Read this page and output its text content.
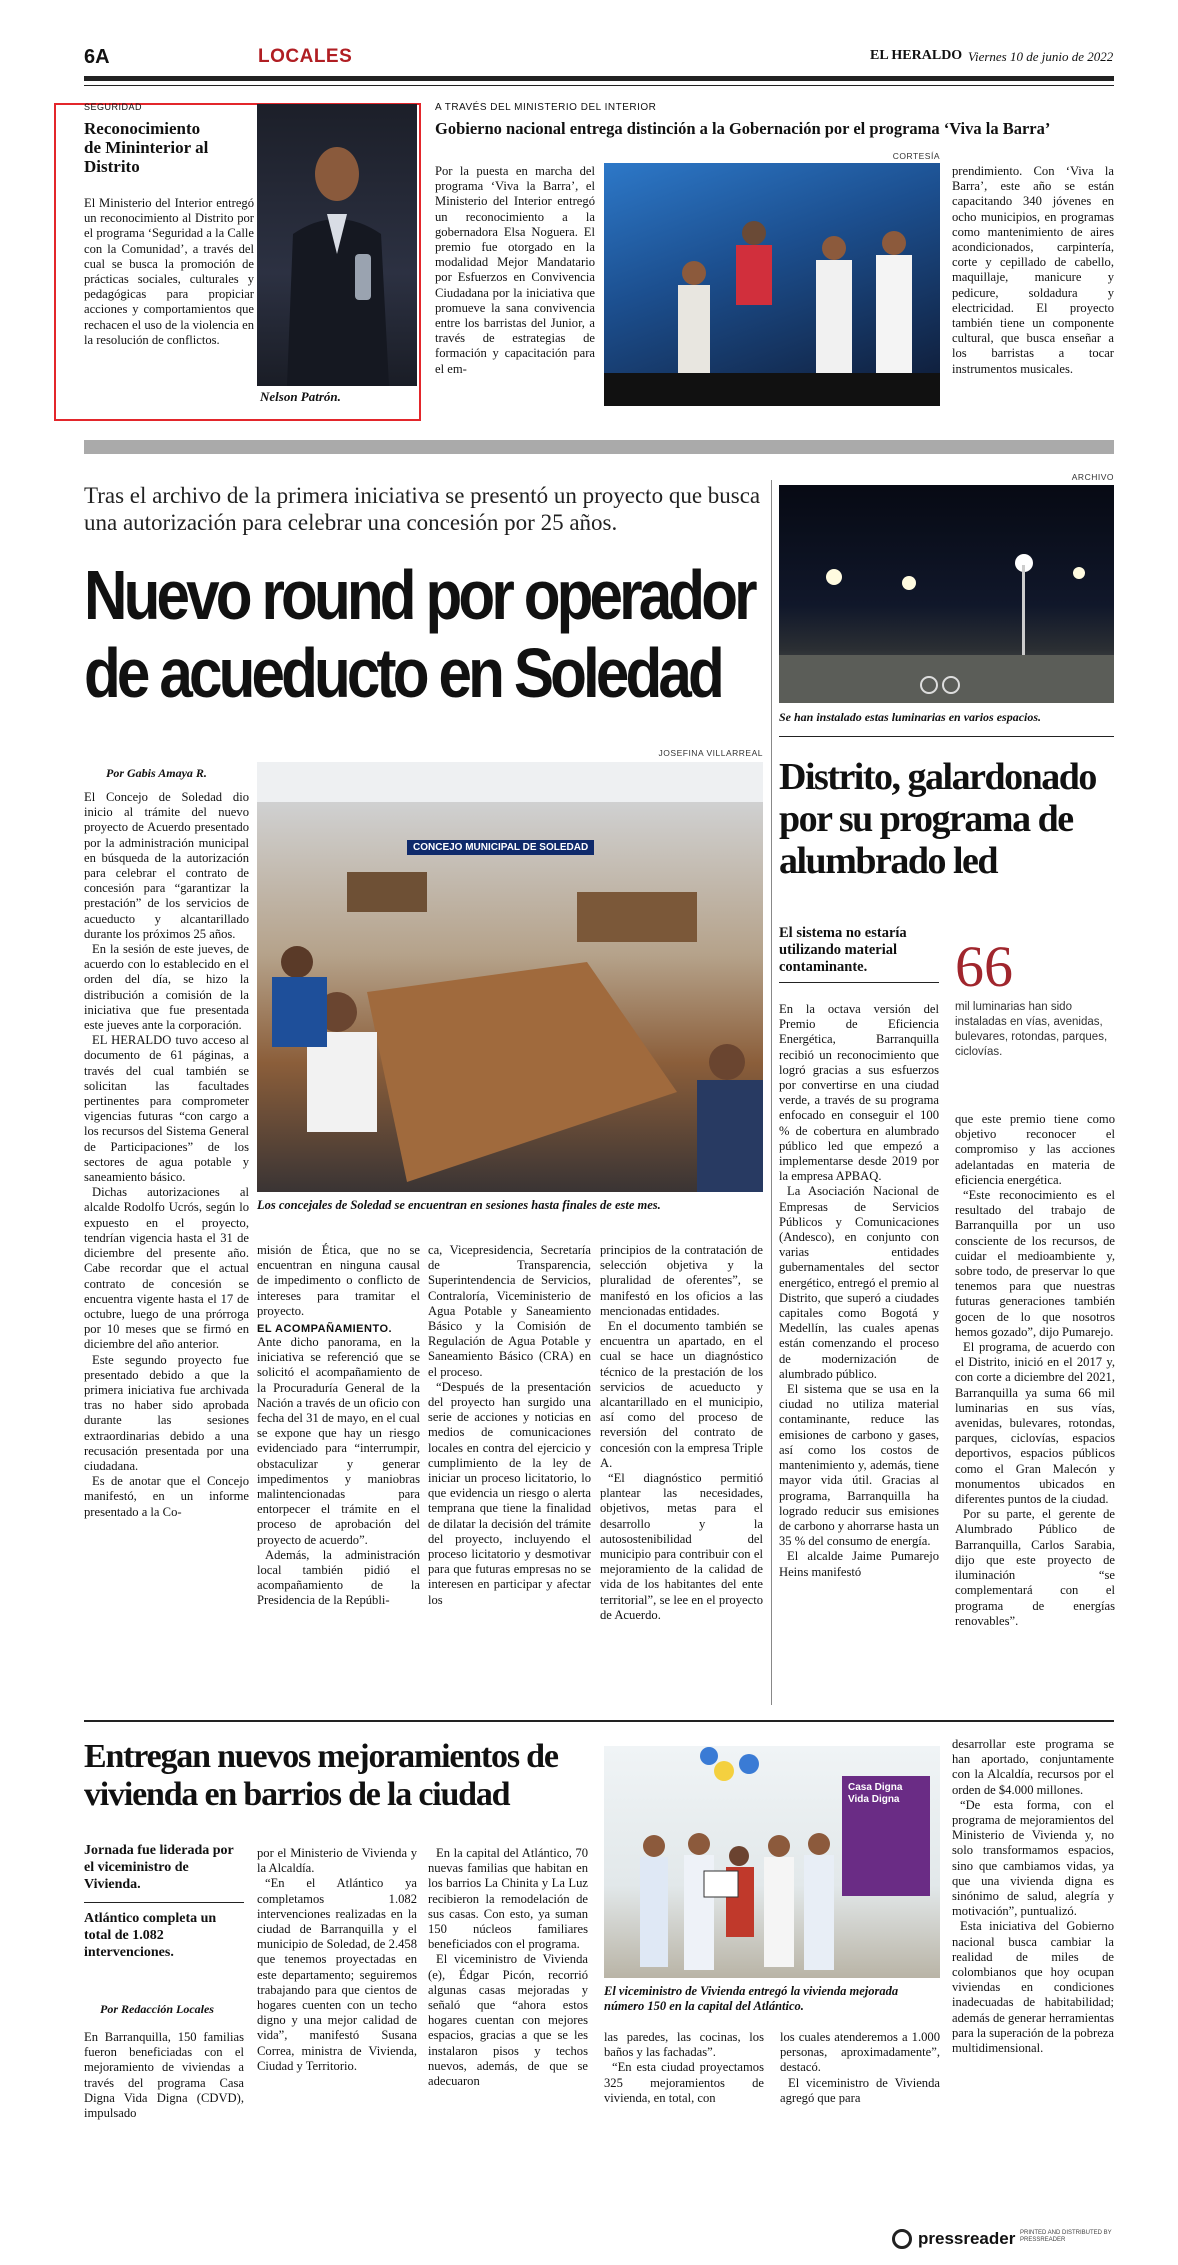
6A	LOCALES	EL HERALDO Viernes 10 de junio de 2022
SEGURIDAD
Reconocimiento de Mininterior al Distrito

El Ministerio del Interior entregó un reconocimiento al Distrito por el programa ‘Seguridad a la Calle con la Comunidad’, a través del cual se busca la promoción de prácticas sociales, culturales y pedagógicas para propiciar acciones y comportamientos que rechacen el uso de la violencia en la resolución de conflictos.

Nelson Patrón.
A TRAVÉS DEL MINISTERIO DEL INTERIOR
Gobierno nacional entrega distinción a la Gobernación por el programa ‘Viva la Barra’

Por la puesta en marcha del programa ‘Viva la Barra’, el Ministerio del Interior entregó un reconocimiento a la gobernadora Elsa Noguera. El premio fue otorgado en la modalidad Mejor Mandatario por Esfuerzos en Convivencia Ciudadana por la iniciativa que promueve la sana convivencia entre los barristas del Junior, a través de estrategias de formación y capacitación para el em-

CORTESÍA

prendimiento. Con ‘Viva la Barra’, este año se están capacitando 340 jóvenes en ocho municipios, en programas como mantenimiento de aires acondicionados, carpintería, corte y cepillado de cabello, maquillaje, manicure y pedicure, soldadura y electricidad. El proyecto también tiene un componente cultural, que busca enseñar a los barristas a tocar instrumentos musicales.

Tras el archivo de la primera iniciativa se presentó un proyecto que busca una autorización para celebrar una concesión por 25 años.
Nuevo round por operador
de acueducto en Soledad
Por Gabis Amaya R.
JOSEFINA VILLARREAL
CONCEJO MUNICIPAL DE SOLEDAD
Los concejales de Soledad se encuentran en sesiones hasta finales de este mes.

El Concejo de Soledad dio inicio al trámite del nuevo proyecto de Acuerdo presentado por la administración municipal en búsqueda de la autorización para celebrar el contrato de concesión para “garantizar la prestación” de los servicios de acueducto y alcantarillado durante los próximos 25 años.

En la sesión de este jueves, de acuerdo con lo establecido en el orden del día, se hizo la distribución a comisión de la iniciativa que fue presentada este jueves ante la corporación.

EL HERALDO tuvo acceso al documento de 61 páginas, a través del cual también se solicitan las facultades pertinentes para comprometer vigencias futuras “con cargo a los recursos del Sistema General de Participaciones” de los sectores de agua potable y saneamiento básico.

Dichas autorizaciones al alcalde Rodolfo Ucrós, según lo expuesto en el proyecto, tendrían vigencia hasta el 31 de diciembre del presente año. Cabe recordar que el actual contrato de concesión se encuentra vigente hasta el 17 de octubre, luego de una prórroga por 10 meses que se firmó en diciembre del año anterior.

Este segundo proyecto fue presentado debido a que la primera iniciativa fue archivada tras no haber sido aprobada durante las sesiones extraordinarias debido a una recusación presentada por una ciudadana.

Es de anotar que el Concejo manifestó, en un informe presentado a la Co-

misión de Ética, que no se encuentran en ninguna causal de impedimento o conflicto de intereses para tramitar el proyecto.

EL ACOMPAÑAMIENTO.

Ante dicho panorama, en la iniciativa se referenció que se solicitó el acompañamiento de la Procuraduría General de la Nación a través de un oficio con fecha del 31 de mayo, en el cual se expone que hay un riesgo evidenciado para “interrumpir, obstaculizar y generar impedimentos y maniobras malintencionadas para entorpecer el trámite en el proceso de aprobación del proyecto de acuerdo”.

Además, la administración local también pidió el acompañamiento de la Presidencia de la Repúbli-

ca, Vicepresidencia, Secretaría de Transparencia, Superintendencia de Servicios, Contraloría, Viceministerio de Agua Potable y Saneamiento Básico y la Comisión de Regulación de Agua Potable y Saneamiento Básico (CRA) en el proceso.

“Después de la presentación del proyecto han surgido una serie de acciones y noticias en medios de comunicaciones locales en contra del ejercicio y cumplimiento de la ley de iniciar un proceso licitatorio, lo que evidencia un riesgo o alerta temprana que tiene la finalidad de dilatar la decisión del trámite del proyecto, incluyendo el proceso licitatorio y desmotivar para que futuras empresas no se interesen en participar y afectar los

principios de la contratación de selección objetiva y la pluralidad de oferentes”, se manifestó en los oficios a las mencionadas entidades.

En el documento también se encuentra un apartado, en el cual se hace un diagnóstico técnico de la prestación de los servicios de acueducto y alcantarillado en el municipio, así como del proceso de reversión del contrato de concesión con la empresa Triple A.

“El diagnóstico permitió plantear las necesidades, objetivos, metas para el desarrollo y la autosostenibilidad del municipio para contribuir con el mejoramiento de la calidad de vida de los habitantes del ente territorial”, se lee en el proyecto de Acuerdo.

ARCHIVO
Se han instalado estas luminarias en varios espacios.
Distrito, galardonado por su programa de alumbrado led
El sistema no estaría utilizando material contaminante.	66
mil luminarias han sido instaladas en vías, avenidas, bulevares, rotondas, parques, ciclovías.

En la octava versión del Premio de Eficiencia Energética, Barranquilla recibió un reconocimiento que logró gracias a sus esfuerzos por convertirse en una ciudad verde, a través de su programa enfocado en conseguir el 100 % de cobertura en alumbrado público led que empezó a implementarse desde 2019 por la empresa APBAQ.

La Asociación Nacional de Empresas de Servicios Públicos y Comunicaciones (Andesco), en conjunto con varias entidades gubernamentales del sector energético, entregó el premio al Distrito, que superó a ciudades capitales como Bogotá y Medellín, las cuales apenas están comenzando el proceso de modernización de alumbrado público.

El sistema que se usa en la ciudad no utiliza material contaminante, reduce las emisiones de carbono y gases, así como los costos de mantenimiento y, además, tiene mayor vida útil. Gracias al programa, Barranquilla ha logrado reducir sus emisiones de carbono y ahorrarse hasta un 35 % del consumo de energía.

El alcalde Jaime Pumarejo Heins manifestó

que este premio tiene como objetivo reconocer el compromiso y las acciones adelantadas en materia de eficiencia energética.

“Este reconocimiento es el resultado del trabajo de Barranquilla por un uso consciente de los recursos, de cuidar el medioambiente y, sobre todo, de preservar lo que tenemos para que nuestras futuras generaciones también gocen de lo que nosotros hemos gozado”, dijo Pumarejo.

El programa, de acuerdo con el Distrito, inició en el 2017 y, con corte a diciembre del 2021, Barranquilla ya suma 66 mil luminarias en sus vías, avenidas, bulevares, rotondas, parques, ciclovías, espacios deportivos, espacios públicos como el Gran Malecón y monumentos ubicados en diferentes puntos de la ciudad.

Por su parte, el gerente de Alumbrado Público de Barranquilla, Carlos Sarabia, dijo que este proyecto de iluminación “se complementará con el programa de energías renovables”.

Entregan nuevos mejoramientos de vivienda en barrios de la ciudad
Jornada fue liderada por el viceministro de Vivienda.
Atlántico completa un total de 1.082 intervenciones.
Por Redacción Locales

En Barranquilla, 150 familias fueron beneficiadas con el mejoramiento de viviendas a través del programa Casa Digna Vida Digna (CDVD), impulsado

por el Ministerio de Vivienda y la Alcaldía.

“En el Atlántico ya completamos 1.082 intervenciones realizadas en la ciudad de Barranquilla y el municipio de Soledad, de 2.458 que tenemos proyectadas en este departamento; seguiremos trabajando para que cientos de hogares cuenten con un techo digno y una mejor calidad de vida”, manifestó Susana Correa, ministra de Vivienda, Ciudad y Territorio.

En la capital del Atlántico, 70 nuevas familias que habitan en los barrios La Chinita y La Luz recibieron la remodelación de sus casas. Con esto, ya suman 150 núcleos familiares beneficiados con el programa.

El viceministro de Vivienda (e), Édgar Picón, recorrió algunas casas mejoradas y señaló que “ahora estos hogares cuentan con mejores espacios, gracias a que se les instalaron pisos y techos nuevos, además, de que se adecuaron

Casa Digna Vida Digna
El viceministro de Vivienda entregó la vivienda mejorada número 150 en la capital del Atlántico.

las paredes, las cocinas, los baños y las fachadas”.

“En esta ciudad proyectamos 325 mejoramientos de vivienda, en total, con

los cuales atenderemos a 1.000 personas, aproximadamente”, destacó.

El viceministro de Vivienda agregó que para

desarrollar este programa se han aportado, conjuntamente con la Alcaldía, recursos por el orden de $4.000 millones.

“De esta forma, con el programa de mejoramientos del Ministerio de Vivienda y, no solo transformamos espacios, sino que cambiamos vidas, ya que una vivienda digna es sinónimo de salud, alegría y motivación”, puntualizó.

Esta iniciativa del Gobierno nacional busca cambiar la realidad de miles de colombianos que hoy ocupan viviendas en condiciones inadecuadas de habitabilidad; además de generar herramientas para la superación de la pobreza multidimensional.

pressreader PRINTED AND DISTRIBUTED BY PRESSREADER
